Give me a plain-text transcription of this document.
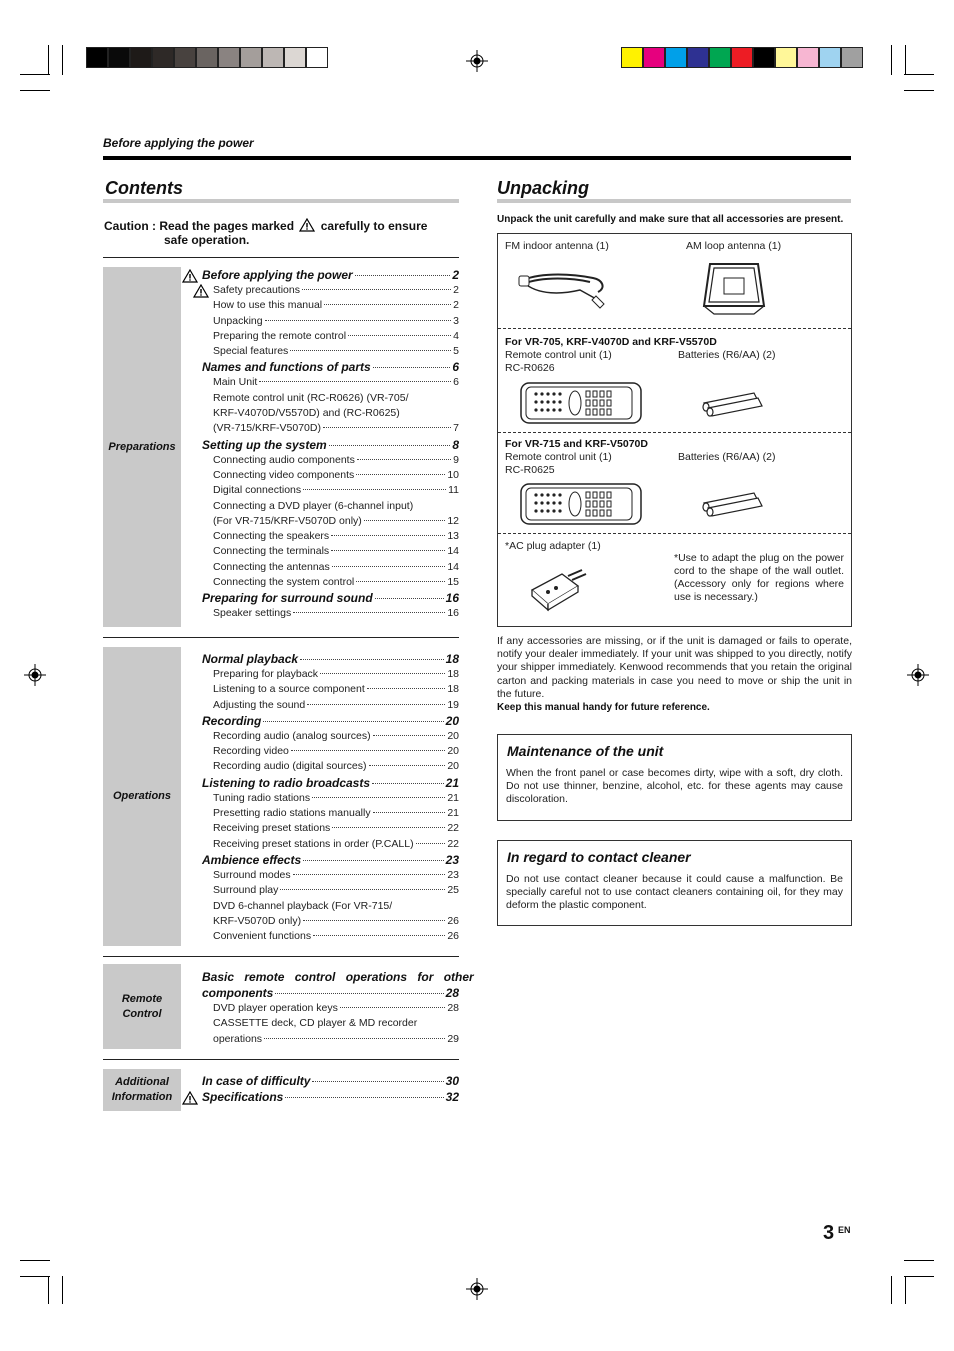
Before applying the power
Contents
Caution : Read the pages marked carefully to ensure
safe operation.
Preparations
Before applying the power	2
Safety precautions	2
How to use this manual	2
Unpacking	3
Preparing the remote control	4
Special features	5
Names and functions of parts	6
Main Unit	6
Remote control unit (RC-R0626) (VR-705/
KRF-V4070D/V5570D) and (RC-R0625)
(VR-715/KRF-V5070D)	7
Setting up the system	8
Connecting audio components	9
Connecting video components	10
Digital connections	11
Connecting a DVD player (6-channel input)
(For VR-715/KRF-V5070D only)	12
Connecting the speakers	13
Connecting the terminals	14
Connecting the antennas	14
Connecting the system control	15
Preparing for surround sound	16
Speaker settings	16
Operations
Normal playback	18
Preparing for playback	18
Listening to a source component	18
Adjusting the sound	19
Recording	20
Recording audio (analog sources)	20
Recording video	20
Recording audio (digital sources)	20
Listening to radio broadcasts	21
Tuning radio stations	21
Presetting radio stations manually	21
Receiving preset stations	22
Receiving preset stations in order (P.CALL)	22
Ambience effects	23
Surround modes	23
Surround play	25
DVD 6-channel playback (For VR-715/
KRF-V5070D only)	26
Convenient functions	26
Remote
Control
Basic remote control operations for other
components	28
DVD player operation keys	28
CASSETTE deck, CD player & MD recorder
operations	29
Additional
Information
In case of difficulty	30
Specifications	32
Unpacking
Unpack the unit carefully and make sure that all accessories are present.
FM indoor antenna (1)	AM loop antenna (1)
For VR-705, KRF-V4070D and KRF-V5570D
Remote control unit (1)
RC-R0626
Batteries (R6/AA) (2)
For VR-715 and KRF-V5070D
Remote control unit (1)
RC-R0625
Batteries (R6/AA) (2)
*AC plug adapter (1)
*Use to adapt the plug on the power cord to the shape of the wall outlet. (Accessory only for regions where use is necessary.)
If any accessories are missing, or if the unit is damaged or fails to operate, notify your dealer immediately. If your unit was shipped to you directly, notify your shipper immediately. Kenwood recommends that you retain the original carton and packing materials in case you need to move or ship the unit in the future.
Keep this manual handy for future reference.
Maintenance of the unit
When the front panel or case becomes dirty, wipe with a soft, dry cloth. Do not use thinner, benzine, alcohol, etc. for these agents may cause discoloration.
In regard to contact cleaner
Do not use contact cleaner because it could cause a malfunction. Be specially careful not to use contact cleaners containing oil, for they may deform the plastic component.
3 EN
